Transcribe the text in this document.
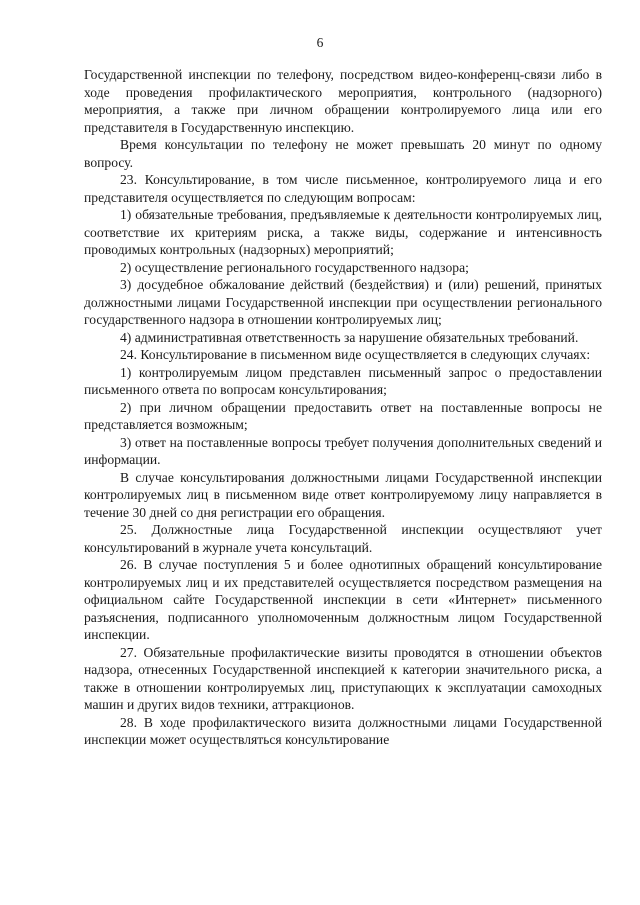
6

Государственной инспекции по телефону, посредством видео-конференц-связи либо в ходе проведения профилактического мероприятия, контрольного (надзорного) мероприятия, а также при личном обращении контролируемого лица или его представителя в Государственную инспекцию.

Время консультации по телефону не может превышать 20 минут по одному вопросу.

23. Консультирование, в том числе письменное, контролируемого лица и его представителя осуществляется по следующим вопросам:

1) обязательные требования, предъявляемые к деятельности контролируемых лиц, соответствие их критериям риска, а также виды, содержание и интенсивность проводимых контрольных (надзорных) мероприятий;

2) осуществление регионального государственного надзора;

3) досудебное обжалование действий (бездействия) и (или) решений, принятых должностными лицами Государственной инспекции при осуществлении регионального государственного надзора в отношении контролируемых лиц;

4) административная ответственность за нарушение обязательных требований.

24. Консультирование в письменном виде осуществляется в следующих случаях:

1) контролируемым лицом представлен письменный запрос о предоставлении письменного ответа по вопросам консультирования;

2) при личном обращении предоставить ответ на поставленные вопросы не представляется возможным;

3) ответ на поставленные вопросы требует получения дополнительных сведений и информации.

В случае консультирования должностными лицами Государственной инспекции контролируемых лиц в письменном виде ответ контролируемому лицу направляется в течение 30 дней со дня регистрации его обращения.

25. Должностные лица Государственной инспекции осуществляют учет консультирований в журнале учета консультаций.

26. В случае поступления 5 и более однотипных обращений консультирование контролируемых лиц и их представителей осуществляется посредством размещения на официальном сайте Государственной инспекции в сети «Интернет» письменного разъяснения, подписанного уполномоченным должностным лицом Государственной инспекции.

27. Обязательные профилактические визиты проводятся в отношении объектов надзора, отнесенных Государственной инспекцией к категории значительного риска, а также в отношении контролируемых лиц, приступающих к эксплуатации самоходных машин и других видов техники, аттракционов.

28. В ходе профилактического визита должностными лицами Государственной инспекции может осуществляться консультирование
